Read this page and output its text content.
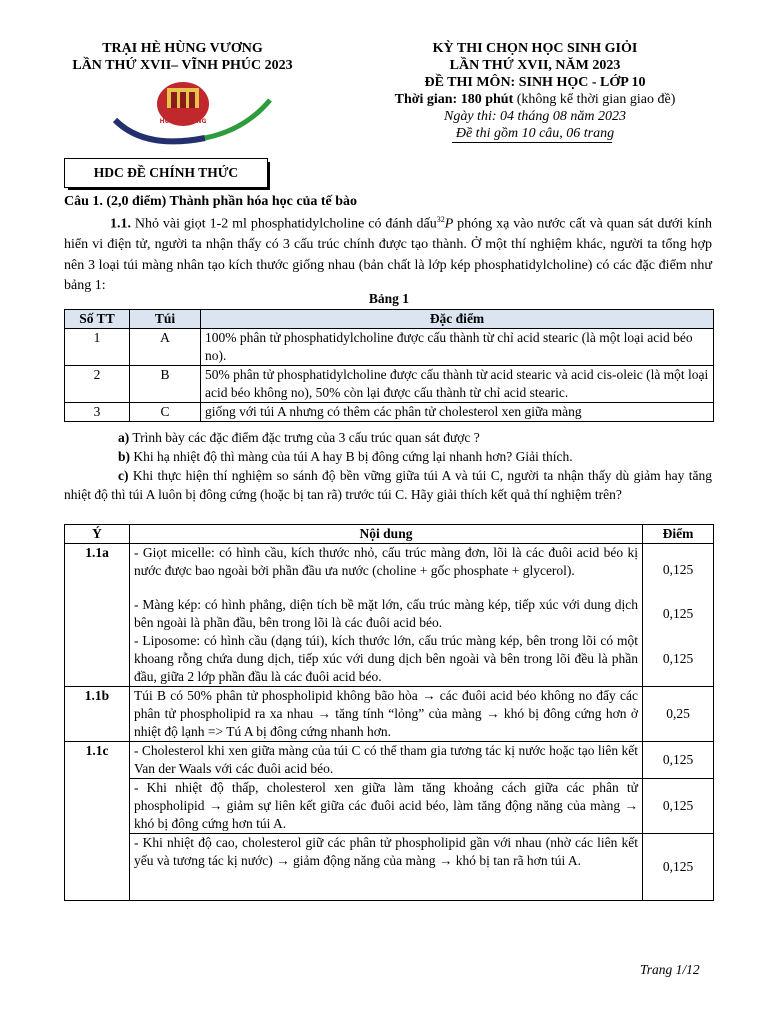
TRẠI HÈ HÙNG VƯƠNG
LẦN THỨ XVII– VĨNH PHÚC 2023
TRẠI HÈ
HÙNG VƯƠNG
KỲ THI CHỌN HỌC SINH GIỎI
LẦN THỨ XVII, NĂM 2023
ĐỀ THI MÔN: SINH HỌC - LỚP 10
Thời gian: 180 phút (không kể thời gian giao đề)
Ngày thi: 04 tháng 08 năm 2023
Đề thi gồm 10 câu, 06 trang
HDC ĐỀ CHÍNH THỨC
Câu 1. (2,0 điểm) Thành phần hóa học của tế bào
1.1. Nhỏ vài giọt 1-2 ml phosphatidylcholine có đánh dấu$^{32}$P phóng xạ vào nước cất và quan sát dưới kính hiển vi điện tử, người ta nhận thấy có 3 cấu trúc chính được tạo thành. Ở một thí nghiệm khác, người ta tổng hợp nên 3 loại túi màng nhân tạo kích thước giống nhau (bản chất là lớp kép phosphatidylcholine) có các đặc điểm như bảng 1:
Bảng 1
Số TT	Túi	Đặc điểm
1	A	100% phân tử phosphatidylcholine được cấu thành từ chỉ acid stearic (là một loại acid béo no).
2	B	50% phân tử phosphatidylcholine được cấu thành từ acid stearic và acid cis-oleic (là một loại acid béo không no), 50% còn lại được cấu thành từ chỉ acid stearic.
3	C	giống với túi A nhưng có thêm các phân tử cholesterol xen giữa màng
a) Trình bày các đặc điểm đặc trưng của 3 cấu trúc quan sát được ?
b) Khi hạ nhiệt độ thì màng của túi A hay B bị đông cứng lại nhanh hơn? Giải thích.
c) Khi thực hiện thí nghiệm so sánh độ bền vững giữa túi A và túi C, người ta nhận thấy dù giảm hay tăng nhiệt độ thì túi A luôn bị đông cứng (hoặc bị tan rã) trước túi C. Hãy giải thích kết quả thí nghiệm trên?
Ý	Nội dung	Điểm
1.1a	- Giọt micelle: có hình cầu, kích thước nhỏ, cấu trúc màng đơn, lõi là các đuôi acid béo kị nước được bao ngoài bởi phần đầu ưa nước (choline + gốc phosphate + glycerol).	0,125
	- Màng kép: có hình phẳng, diện tích bề mặt lớn, cấu trúc màng kép, tiếp xúc với dung dịch bên ngoài là phần đầu, bên trong lõi là các đuôi acid béo.	0,125
	- Liposome: có hình cầu (dạng túi), kích thước lớn, cấu trúc màng kép, bên trong lõi có một khoang rỗng chứa dung dịch, tiếp xúc với dung dịch bên ngoài và bên trong lõi đều là phần đầu, giữa 2 lớp phần đầu là các đuôi acid béo.	0,125
1.1b	Túi B có 50% phân tử phospholipid không bão hòa → các đuôi acid béo không no đẩy các phân tử phospholipid ra xa nhau → tăng tính “lỏng” của màng → khó bị đông cứng hơn ở nhiệt độ lạnh => Tú A bị đông cứng nhanh hơn.	0,25
1.1c	- Cholesterol khi xen giữa màng của túi C có thể tham gia tương tác kị nước hoặc tạo liên kết Van der Waals với các đuôi acid béo.	0,125
	- Khi nhiệt độ thấp, cholesterol xen giữa làm tăng khoảng cách giữa các phân tử phospholipid → giảm sự liên kết giữa các đuôi acid béo, làm tăng động năng của màng → khó bị đông cứng hơn túi A.	0,125
	- Khi nhiệt độ cao, cholesterol giữ các phân tử phospholipid gần với nhau (nhờ các liên kết yếu và tương tác kị nước) → giảm động năng của màng → khó bị tan rã hơn túi A.	0,125
Trang 1/12
